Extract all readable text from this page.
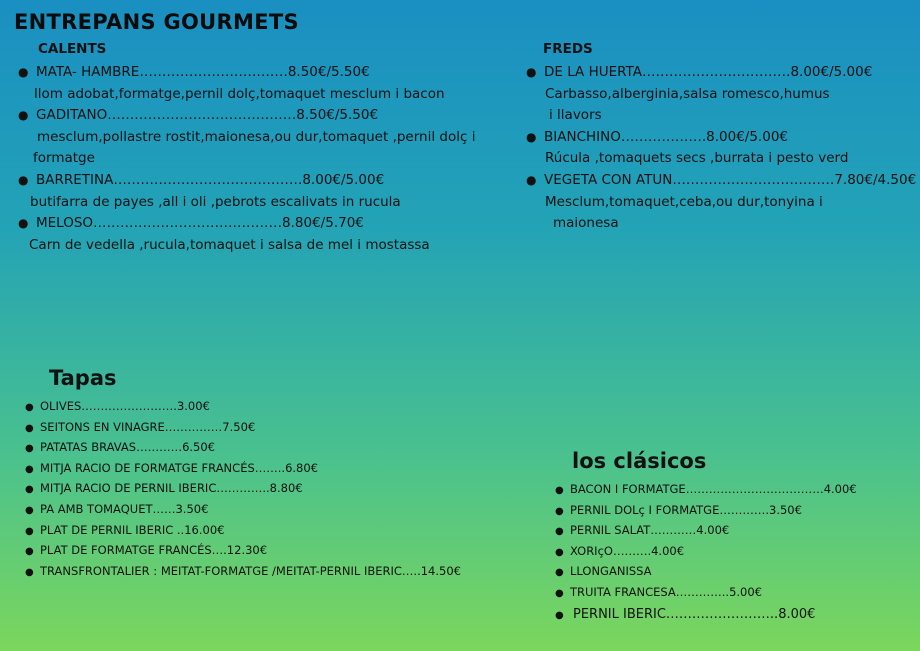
ENTREPANS GOURMETS
CALENTS
● MATA- HAMBRE……………………………8.50€/5.50€
llom adobat,formatge,pernil dolç,tomaquet mesclum i bacon
● GADITANO……………………………………8.50€/5.50€
mesclum,pollastre rostit,maionesa,ou dur,tomaquet ,pernil dolç i
formatge
● BARRETINA……………………………………8.00€/5.00€
butifarra de payes ,all i oli ,pebrots escalivats in rucula
● MELOSO……………………………………8.80€/5.70€
Carn de vedella ,rucula,tomaquet i salsa de mel i mostassa
FREDS
● DE LA HUERTA……………………………8.00€/5.00€
Carbasso,alberginia,salsa romesco,humus
i llavors
● BIANCHINO……………….8.00€/5.00€
Rúcula ,tomaquets secs ,burrata i pesto verd
● VEGETA CON ATUN………………………………7.80€/4.50€
Mesclum,tomaquet,ceba,ou dur,tonyina i
maionesa
Tapas
● OLIVES…………………….3.00€
● SEITONS EN VINAGRE……………7.50€
● PATATAS BRAVAS…………6.50€
● MITJA RACIO DE FORMATGE FRANCÉS……..6.80€
● MITJA RACIO DE PERNIL IBERIC…………..8.80€
● PA AMB TOMAQUET……3.50€
● PLAT DE PERNIL IBERIC ..16.00€
● PLAT DE FORMATGE FRANCÉS….12.30€
● TRANSFRONTALIER : MEITAT-FORMATGE /MEITAT-PERNIL IBERIC…..14.50€
los clásicos
● BACON I FORMATGE………………………………4.00€
● PERNIL DOLç I FORMATGE………….3.50€
● PERNIL SALAT…………4.00€
● XORIçO……….4.00€
● LLONGANISSA
● TRUITA FRANCESA…………..5.00€
● PERNIL IBERIC……………………..8.00€
